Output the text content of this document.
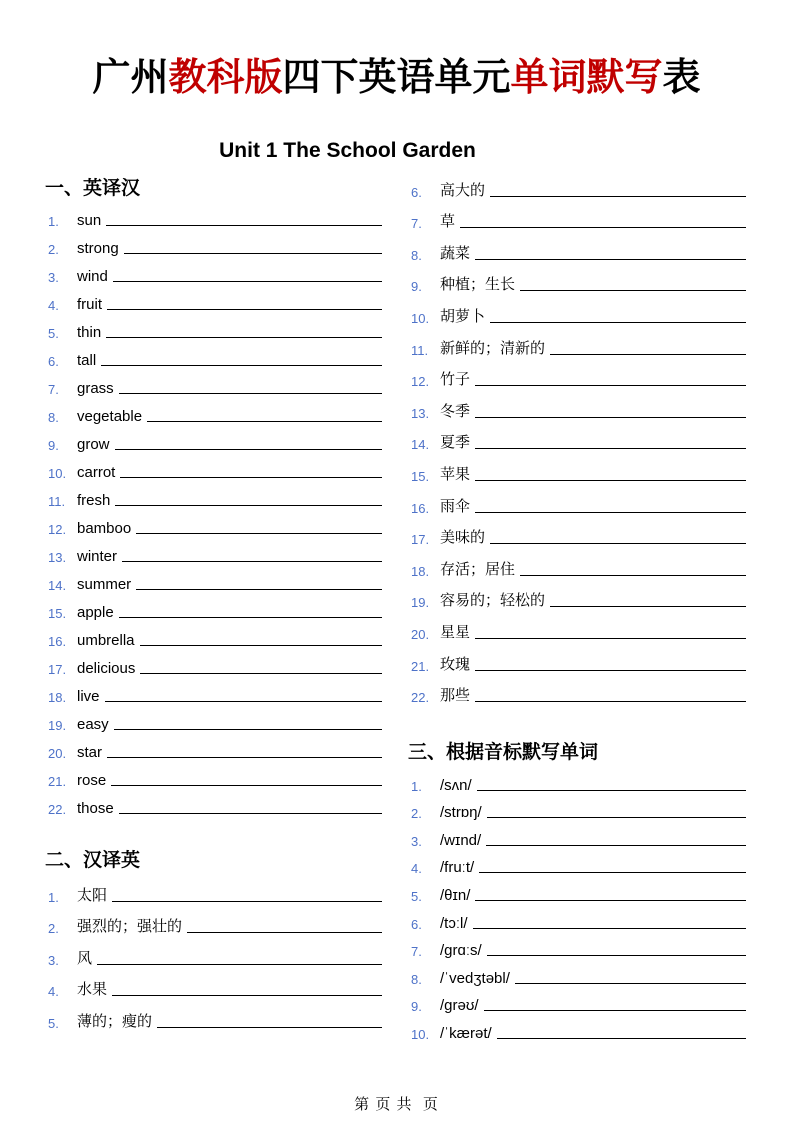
广州教科版四下英语单元单词默写表
Unit 1 The School Garden
一、英译汉
1.	sun
2.	strong
3.	wind
4.	fruit
5.	thin
6.	tall
7.	grass
8.	vegetable
9.	grow
10. carrot
11. fresh
12. bamboo
13. winter
14. summer
15. apple
16. umbrella
17. delicious
18. live
19. easy
20. star
21. rose
22. those
二、汉译英
1.	太阳
2.	强烈的；强壮的
3.	风
4.	水果
5.	薄的；瘦的
6.	高大的
7.	草
8.	蔬菜
9.	种植；生长
10. 胡萝卜
11. 新鲜的；清新的
12. 竹子
13. 冬季
14. 夏季
15. 苹果
16. 雨伞
17. 美味的
18. 存活；居住
19. 容易的；轻松的
20. 星星
21. 玫瑰
22. 那些
三、根据音标默写单词
1.	/sʌn/
2.	/strɒŋ/
3.	/wɪnd/
4.	/fruːt/
5.	/θɪn/
6.	/tɔːl/
7.	/grɑːs/
8.	/ˈvedʒtəbl/
9.	/grəʊ/
10. /ˈkærət/
第 页 共  页
